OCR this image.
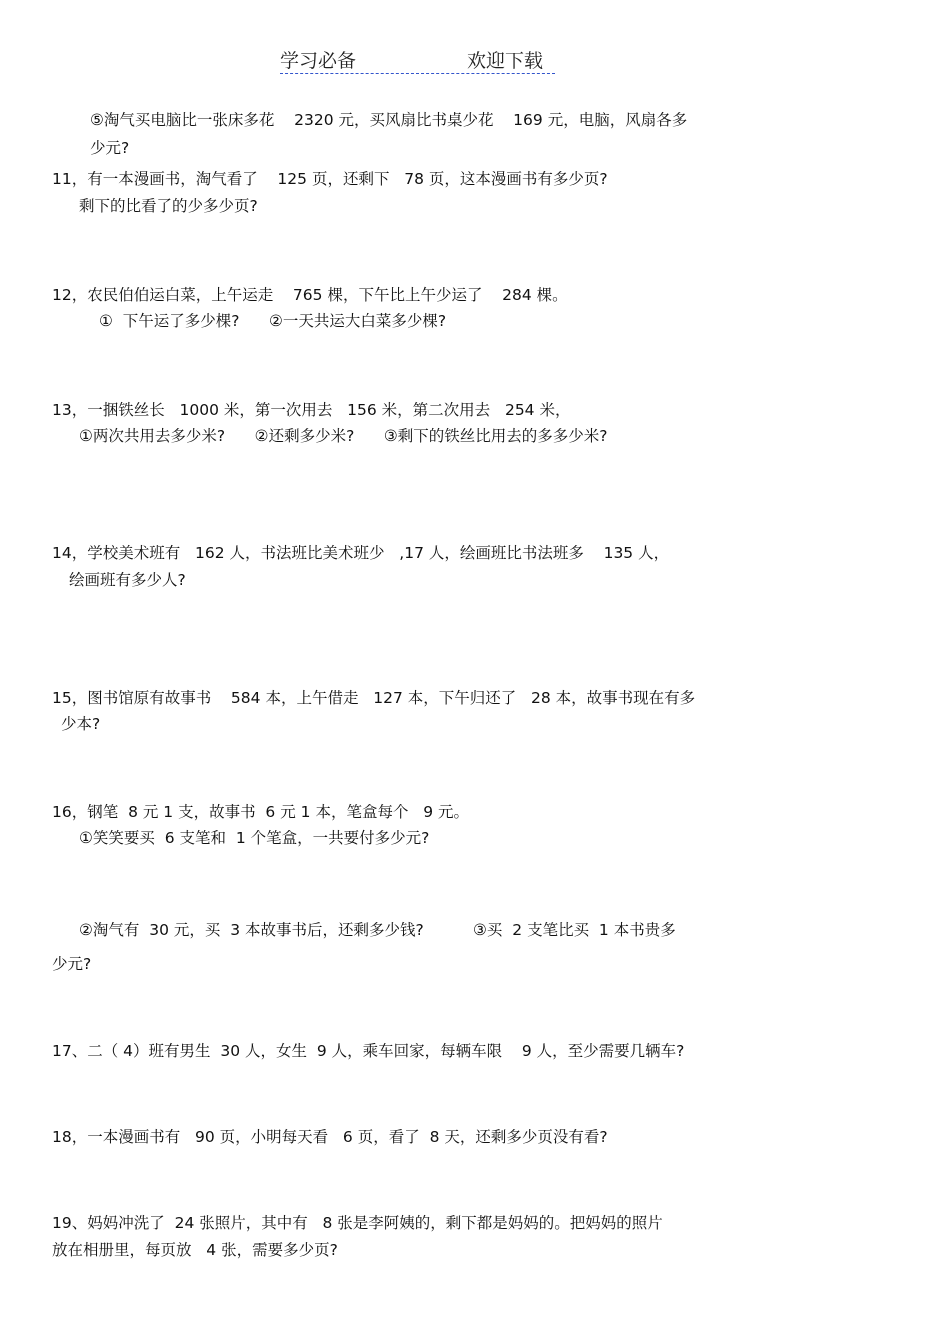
学习必备	欢迎下载
⑤淘气买电脑比一张床多花    2320 元，买风扇比书桌少花    169 元，电脑，风扇各多
少元?
11，有一本漫画书，淘气看了    125 页，还剩下   78 页，这本漫画书有多少页?
剩下的比看了的少多少页?
12，农民伯伯运白菜，上午运走    765 棵，下午比上午少运了    284 棵。
①  下午运了多少棵?      ②一天共运大白菜多少棵?
13，一捆铁丝长   1000 米，第一次用去   156 米，第二次用去   254 米，
①两次共用去多少米?      ②还剩多少米?      ③剩下的铁丝比用去的多多少米?
14，学校美术班有   162 人，书法班比美术班少   ,17 人，绘画班比书法班多    135 人，
绘画班有多少人?
15，图书馆原有故事书    584 本，上午借走   127 本，下午归还了   28 本，故事书现在有多
少本?
16，钢笔  8 元 1 支，故事书  6 元 1 本，笔盒每个   9 元。
①笑笑要买  6 支笔和  1 个笔盒，一共要付多少元?
②淘气有  30 元，买  3 本故事书后，还剩多少钱?          ③买  2 支笔比买  1 本书贵多
少元?
17、二（ 4）班有男生  30 人，女生  9 人，乘车回家，每辆车限    9 人，至少需要几辆车?
18，一本漫画书有   90 页，小明每天看   6 页，看了  8 天，还剩多少页没有看?
19、妈妈冲洗了  24 张照片，其中有   8 张是李阿姨的，剩下都是妈妈的。把妈妈的照片
放在相册里，每页放   4 张，需要多少页?
